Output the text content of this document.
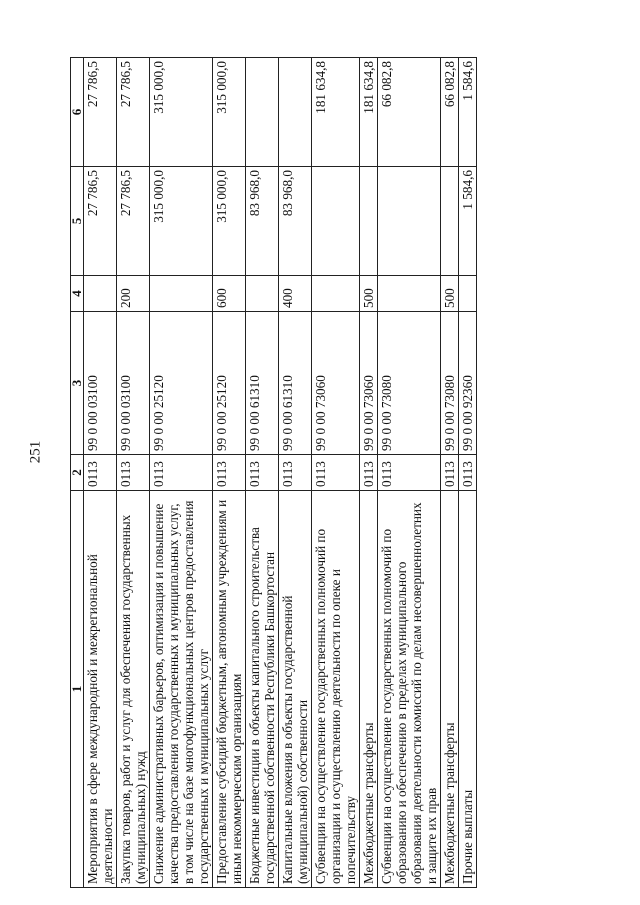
251
1	2	3	4	5	6
Мероприятия в сфере международной и межрегиональной деятельности	0113	99 0 00 03100		27 786,5	27 786,5
Закупка товаров, работ и услуг для обеспечения государственных (муниципальных) нужд	0113	99 0 00 03100	200	27 786,5	27 786,5
Снижение административных барьеров, оптимизация и повышение качества предоставления государственных и муниципальных услуг, в том числе на базе многофункциональных центров предоставления государственных и муниципальных услуг	0113	99 0 00 25120		315 000,0	315 000,0
Предоставление субсидий бюджетным, автономным учреждениям и иным некоммерческим организациям	0113	99 0 00 25120	600	315 000,0	315 000,0
Бюджетные инвестиции в объекты капитального строительства государственной собственности Республики Башкортостан	0113	99 0 00 61310		83 968,0	
Капитальные вложения в объекты государственной (муниципальной) собственности	0113	99 0 00 61310	400	83 968,0	
Субвенции на осуществление государственных полномочий по организации и осуществлению деятельности по опеке и попечительству	0113	99 0 00 73060			181 634,8
Межбюджетные трансферты	0113	99 0 00 73060	500		181 634,8
Субвенции на осуществление государственных полномочий по образованию и обеспечению в пределах муниципального образования деятельности комиссий по делам несовершеннолетних и защите их прав	0113	99 0 00 73080			66 082,8
Межбюджетные трансферты	0113	99 0 00 73080	500		66 082,8
Прочие выплаты	0113	99 0 00 92360		1 584,6	1 584,6
